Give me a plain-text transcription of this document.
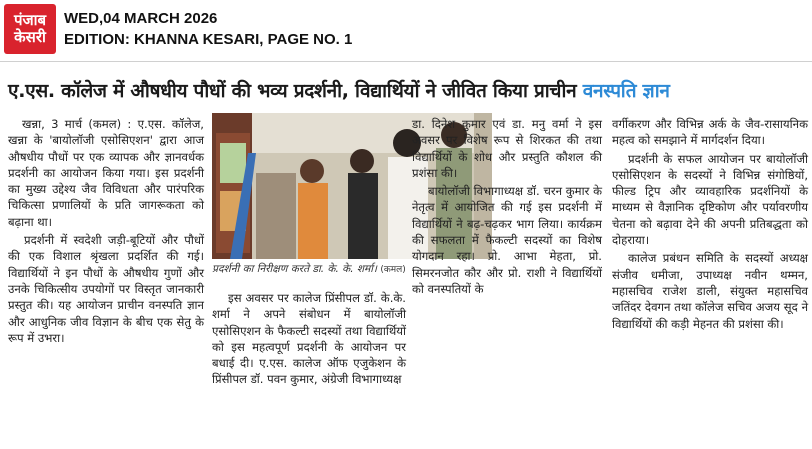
पंजाब
केसरी
WED,04 MARCH 2026
EDITION: KHANNA KESARI, PAGE NO. 1
ए.एस. कॉलेज में औषधीय पौधों की भव्य प्रदर्शनी, विद्यार्थियों ने जीवित किया प्राचीन वनस्पति ज्ञान

खन्ना, 3 मार्च (कमल) : ए.एस. कॉलेज, खन्ना के 'बायोलॉजी एसोसिएशन' द्वारा आज औषधीय पौधों पर एक व्यापक और ज्ञानवर्धक प्रदर्शनी का आयोजन किया गया। इस प्रदर्शनी का मुख्य उद्देश्य जैव विविधता और पारंपरिक चिकित्सा प्रणालियों के प्रति जागरूकता को बढ़ाना था।

प्रदर्शनी में स्वदेशी जड़ी-बूटियों और पौधों की एक विशाल श्रृंखला प्रदर्शित की गई। विद्यार्थियों ने इन पौधों के औषधीय गुणों और उनके चिकित्सीय उपयोगों पर विस्तृत जानकारी प्रस्तुत की। यह आयोजन प्राचीन वनस्पति ज्ञान और आधुनिक जीव विज्ञान के बीच एक सेतु के रूप में उभरा।

प्रदर्शनी का निरीक्षण करते डा. के. के. शर्मा। (कमल)

इस अवसर पर कालेज प्रिंसीपल डॉ. के.के. शर्मा ने अपने संबोधन में बायोलॉजी एसोसिएशन के फैकल्टी सदस्यों तथा विद्यार्थियों को इस महत्वपूर्ण प्रदर्शनी के आयोजन पर बधाई दी। ए.एस. कालेज ऑफ एजुकेशन के प्रिंसीपल डॉ. पवन कुमार, अंग्रेजी विभागाध्यक्ष

डा. दिनेश कुमार एवं डा. मनु वर्मा ने इस अवसर पर विशेष रूप से शिरकत की तथा विद्यार्थियों के शोध और प्रस्तुति कौशल की प्रशंसा की।

बायोलॉजी विभागाध्यक्ष डॉ. चरन कुमार के नेतृत्व में आयोजित की गई इस प्रदर्शनी में विद्यार्थियों ने बढ़-चढ़कर भाग लिया। कार्यक्रम की सफलता में फैकल्टी सदस्यों का विशेष योगदान रहा। प्रो. आभा मेहता, प्रो. सिमरनजोत कौर और प्रो. राशी ने विद्यार्थियों को वनस्पतियों के

वर्गीकरण और विभिन्न अर्क के जैव-रासायनिक महत्व को समझाने में मार्गदर्शन दिया।

प्रदर्शनी के सफल आयोजन पर बायोलॉजी एसोसिएशन के सदस्यों ने विभिन्न संगोष्ठियों, फील्ड ट्रिप और व्यावहारिक प्रदर्शनियों के माध्यम से वैज्ञानिक दृष्टिकोण और पर्यावरणीय चेतना को बढ़ावा देने की अपनी प्रतिबद्धता को दोहराया।

कालेज प्रबंधन समिति के सदस्यों अध्यक्ष संजीव धमीजा, उपाध्यक्ष नवीन थम्मन, महासचिव राजेश डाली, संयुक्त महासचिव जतिंदर देवगन तथा कॉलेज सचिव अजय सूद ने विद्यार्थियों की कड़ी मेहनत की प्रशंसा की।
